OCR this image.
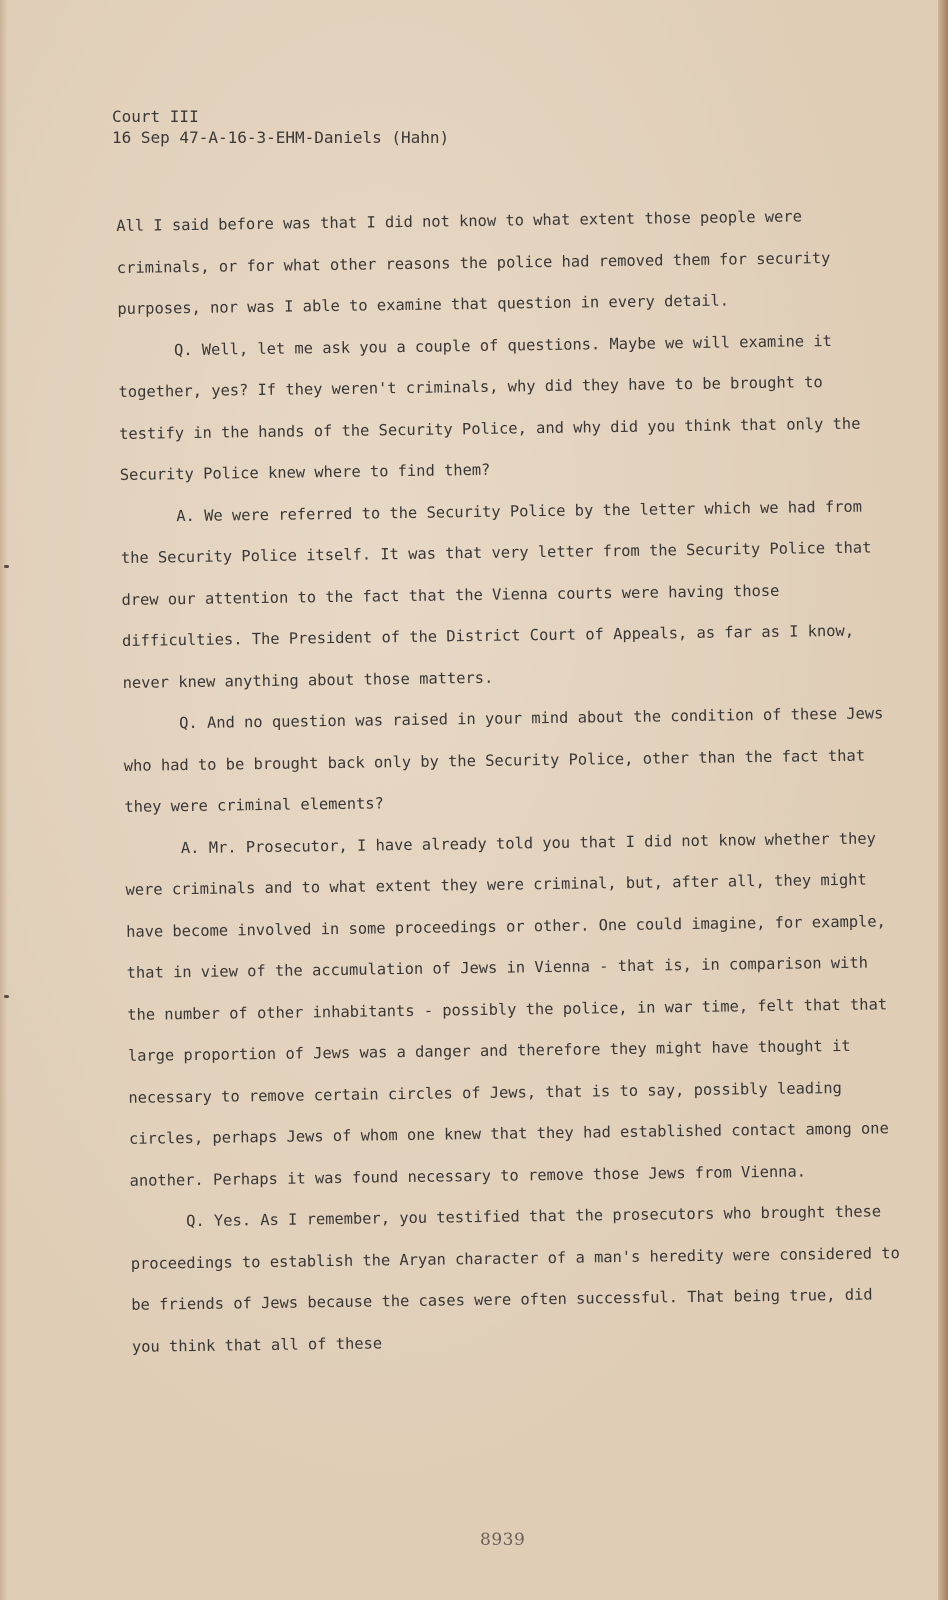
Court III
16 Sep 47-A-16-3-EHM-Daniels (Hahn)

All I said before was that I did not know to what extent those people were criminals, or for what other reasons the police had removed them for security purposes, nor was I able to examine that question in every detail.

Q. Well, let me ask you a couple of questions. Maybe we will examine it together, yes? If they weren't criminals, why did they have to be brought to testify in the hands of the Security Police, and why did you think that only the Security Police knew where to find them?

A. We were referred to the Security Police by the letter which we had from the Security Police itself. It was that very letter from the Security Police that drew our attention to the fact that the Vienna courts were having those difficulties. The President of the District Court of Appeals, as far as I know, never knew anything about those matters.

Q. And no question was raised in your mind about the condition of these Jews who had to be brought back only by the Security Police, other than the fact that they were criminal elements?

A. Mr. Prosecutor, I have already told you that I did not know whether they were criminals and to what extent they were criminal, but, after all, they might have become involved in some proceedings or other. One could imagine, for example, that in view of the accumulation of Jews in Vienna - that is, in comparison with the number of other inhabitants - possibly the police, in war time, felt that that large proportion of Jews was a danger and therefore they might have thought it necessary to remove certain circles of Jews, that is to say, possibly leading circles, perhaps Jews of whom one knew that they had established contact among one another. Perhaps it was found necessary to remove those Jews from Vienna.

Q. Yes. As I remember, you testified that the prosecutors who brought these proceedings to establish the Aryan character of a man's heredity were considered to be friends of Jews because the cases were often successful. That being true, did you think that all of these

8939
